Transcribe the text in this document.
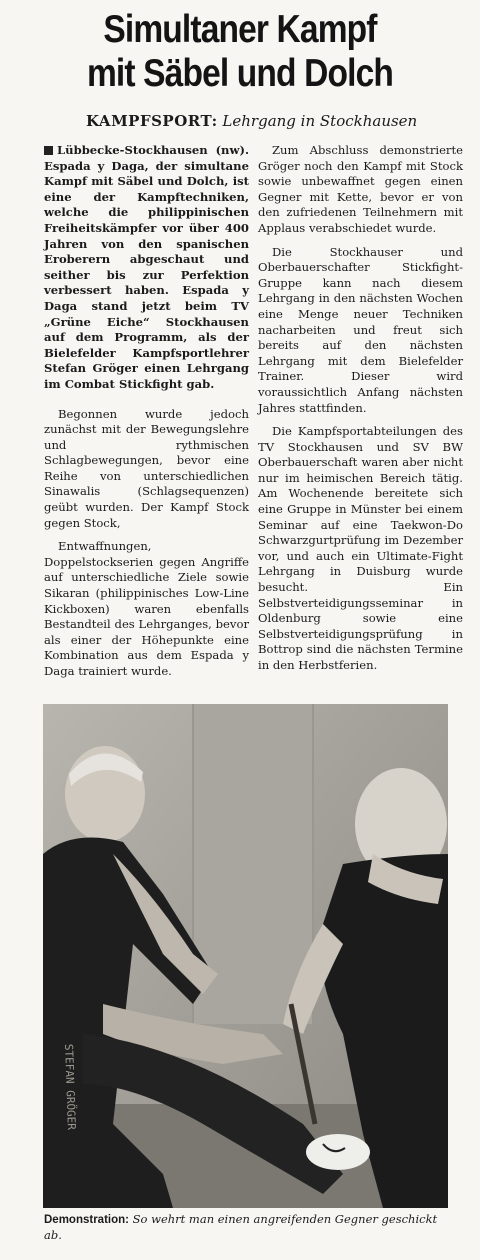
Simultaner Kampf
mit Säbel und Dolch
KAMPFSPORT: Lehrgang in Stockhausen

Lübbecke-Stockhausen (nw). Espada y Daga, der simultane Kampf mit Säbel und Dolch, ist eine der Kampftechniken, welche die philippinischen Freiheitskämpfer vor über 400 Jahren von den spanischen Eroberern abgeschaut und seither bis zur Perfektion verbessert haben. Espada y Daga stand jetzt beim TV „Grüne Eiche“ Stockhausen auf dem Programm, als der Bielefelder Kampfsportlehrer Stefan Gröger einen Lehrgang im Combat Stickfight gab.

Begonnen wurde jedoch zunächst mit der Bewegungslehre und rythmischen Schlagbewegungen, bevor eine Reihe von unterschiedlichen Sinawalis (Schlagsequenzen) geübt wurden. Der Kampf Stock gegen Stock,

Entwaffnungen, Doppelstockserien gegen Angriffe auf unterschiedliche Ziele sowie Sikaran (philippinisches Low-Line Kickboxen) waren ebenfalls Bestandteil des Lehrganges, bevor als einer der Höhepunkte eine Kombination aus dem Espada y Daga trainiert wurde.

Zum Abschluss demonstrierte Gröger noch den Kampf mit Stock sowie unbewaffnet gegen einen Gegner mit Kette, bevor er von den zufriedenen Teilnehmern mit Applaus verabschiedet wurde.

Die Stockhauser und Oberbauerschafter Stickfight-Gruppe kann nach diesem Lehrgang in den nächsten Wochen eine Menge neuer Techniken nacharbeiten und freut sich bereits auf den nächsten Lehrgang mit dem Bielefelder Trainer. Dieser wird voraussichtlich Anfang nächsten Jahres stattfinden.

Die Kampfsportabteilungen des TV Stockhausen und SV BW Oberbauerschaft waren aber nicht nur im heimischen Bereich tätig. Am Wochenende bereitete sich eine Gruppe in Münster bei einem Seminar auf eine Taekwon-Do Schwarzgurtprüfung im Dezember vor, und auch ein Ultimate-Fight Lehrgang in Duisburg wurde besucht. Ein Selbstverteidigungsseminar in Oldenburg sowie eine Selbstverteidigungsprüfung in Bottrop sind die nächsten Termine in den Herbstferien.

STEFAN GRÖGER
Demonstration: So wehrt man einen angreifenden Gegner geschickt ab.
